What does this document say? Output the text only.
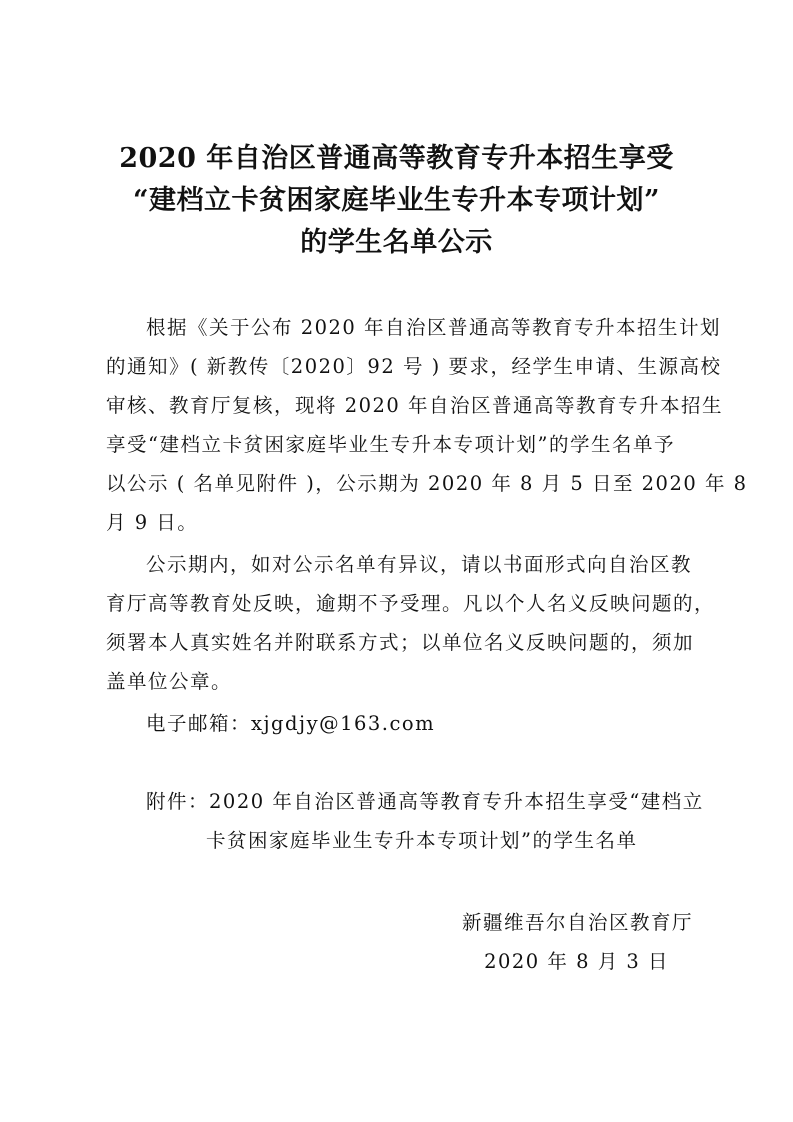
2020 年自治区普通高等教育专升本招生享受
“建档立卡贫困家庭毕业生专升本专项计划”
的学生名单公示
根据《关于公布 2020 年自治区普通高等教育专升本招生计划
的通知》( 新教传〔2020〕92 号 ) 要求，经学生申请、生源高校
审核、教育厅复核，现将 2020 年自治区普通高等教育专升本招生
享受“建档立卡贫困家庭毕业生专升本专项计划”的学生名单予
以公示 ( 名单见附件 )，公示期为 2020 年 8 月 5 日至 2020 年 8
月 9 日。
公示期内，如对公示名单有异议，请以书面形式向自治区教
育厅高等教育处反映，逾期不予受理。凡以个人名义反映问题的，
须署本人真实姓名并附联系方式；以单位名义反映问题的，须加
盖单位公章。
电子邮箱：xjgdjy@163.com
附件：2020 年自治区普通高等教育专升本招生享受“建档立
卡贫困家庭毕业生专升本专项计划”的学生名单
新疆维吾尔自治区教育厅
2020 年 8 月 3 日
